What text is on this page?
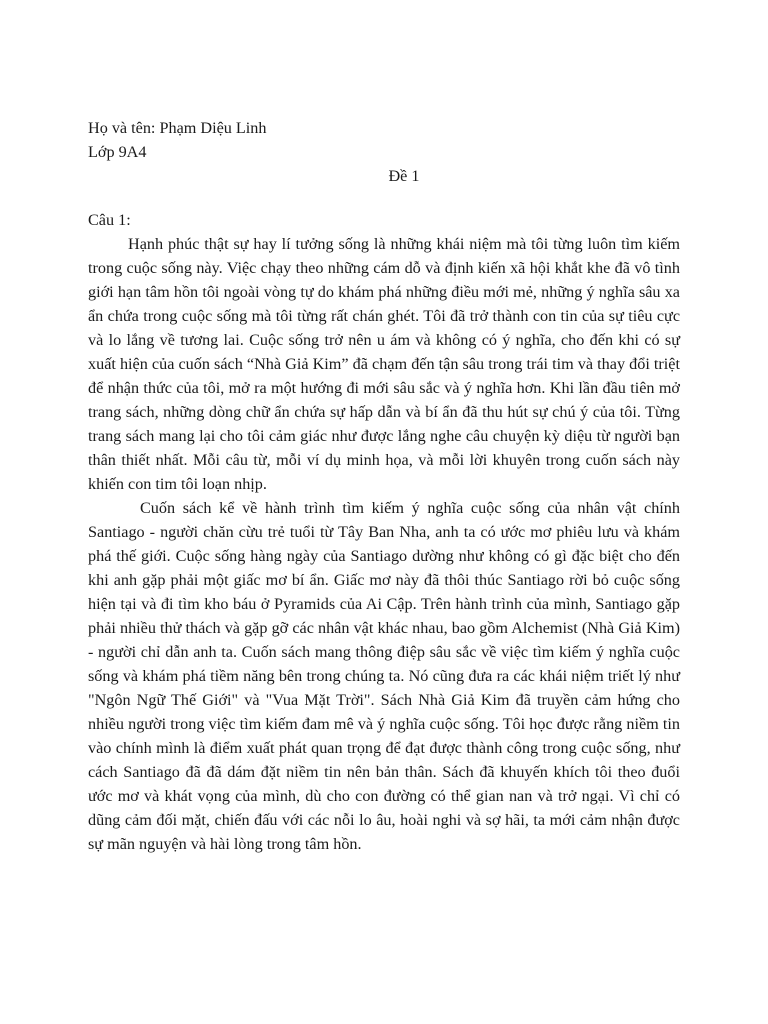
Họ và tên: Phạm Diệu Linh
Lớp 9A4
Đề 1
Câu 1:

Hạnh phúc thật sự hay lí tưởng sống là những khái niệm mà tôi từng luôn tìm kiếm trong cuộc sống này. Việc chạy theo những cám dỗ và định kiến xã hội khắt khe đã vô tình giới hạn tâm hồn tôi ngoài vòng tự do khám phá những điều mới mẻ, những ý nghĩa sâu xa ẩn chứa trong cuộc sống mà tôi từng rất chán ghét. Tôi đã trở thành con tin của sự tiêu cực và lo lắng về tương lai. Cuộc sống trở nên u ám và không có ý nghĩa, cho đến khi có sự xuất hiện của cuốn sách “Nhà Giả Kim” đã chạm đến tận sâu trong trái tim và thay đổi triệt để nhận thức của tôi, mở ra một hướng đi mới sâu sắc và ý nghĩa hơn. Khi lần đầu tiên mở trang sách, những dòng chữ ẩn chứa sự hấp dẫn và bí ẩn đã thu hút sự chú ý của tôi. Từng trang sách mang lại cho tôi cảm giác như được lắng nghe câu chuyện kỳ diệu từ người bạn thân thiết nhất. Mỗi câu từ, mỗi ví dụ minh họa, và mỗi lời khuyên trong cuốn sách này khiến con tim tôi loạn nhịp.

Cuốn sách kể về hành trình tìm kiếm ý nghĩa cuộc sống của nhân vật chính Santiago - người chăn cừu trẻ tuổi từ Tây Ban Nha, anh ta có ước mơ phiêu lưu và khám phá thế giới. Cuộc sống hàng ngày của Santiago dường như không có gì đặc biệt cho đến khi anh gặp phải một giấc mơ bí ẩn. Giấc mơ này đã thôi thúc Santiago rời bỏ cuộc sống hiện tại và đi tìm kho báu ở Pyramids của Ai Cập. Trên hành trình của mình, Santiago gặp phải nhiều thử thách và gặp gỡ các nhân vật khác nhau, bao gồm Alchemist (Nhà Giả Kim) - người chỉ dẫn anh ta. Cuốn sách mang thông điệp sâu sắc về việc tìm kiếm ý nghĩa cuộc sống và khám phá tiềm năng bên trong chúng ta. Nó cũng đưa ra các khái niệm triết lý như "Ngôn Ngữ Thế Giới" và "Vua Mặt Trời". Sách Nhà Giả Kim đã truyền cảm hứng cho nhiều người trong việc tìm kiếm đam mê và ý nghĩa cuộc sống. Tôi học được rằng niềm tin vào chính mình là điểm xuất phát quan trọng để đạt được thành công trong cuộc sống, như cách Santiago đã đã dám đặt niềm tin nên bản thân. Sách đã khuyến khích tôi theo đuổi ước mơ và khát vọng của mình, dù cho con đường có thể gian nan và trở ngại. Vì chỉ có dũng cảm đối mặt, chiến đấu với các nỗi lo âu, hoài nghi và sợ hãi, ta mới cảm nhận được sự mãn nguyện và hài lòng trong tâm hồn.
